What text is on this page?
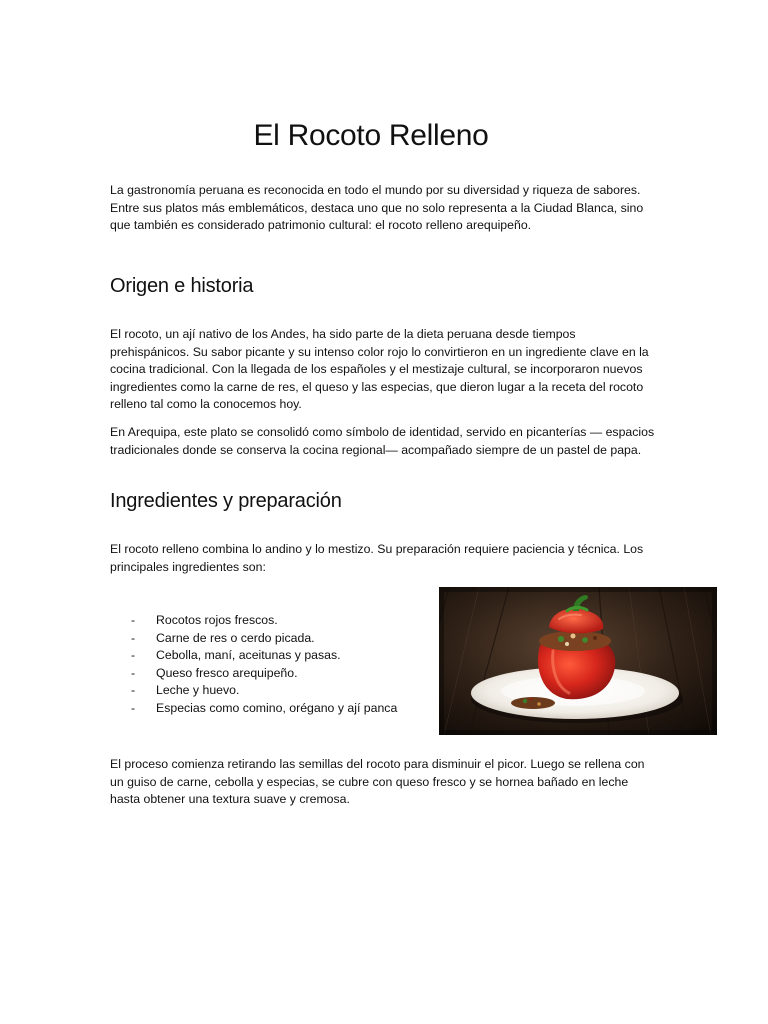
El Rocoto Relleno

La gastronomía peruana es reconocida en todo el mundo por su diversidad y riqueza de sabores. Entre sus platos más emblemáticos, destaca uno que no solo representa a la Ciudad Blanca, sino que también es considerado patrimonio cultural: el rocoto relleno arequipeño.

Origen e historia

El rocoto, un ají nativo de los Andes, ha sido parte de la dieta peruana desde tiempos prehispánicos. Su sabor picante y su intenso color rojo lo convirtieron en un ingrediente clave en la cocina tradicional. Con la llegada de los españoles y el mestizaje cultural, se incorporaron nuevos ingredientes como la carne de res, el queso y las especias, que dieron lugar a la receta del rocoto relleno tal como la conocemos hoy.

En Arequipa, este plato se consolidó como símbolo de identidad, servido en picanterías — espacios tradicionales donde se conserva la cocina regional— acompañado siempre de un pastel de papa.

Ingredientes y preparación

El rocoto relleno combina lo andino y lo mestizo. Su preparación requiere paciencia y técnica. Los principales ingredientes son:

- Rocotos rojos frescos.
- Carne de res o cerdo picada.
- Cebolla, maní, aceitunas y pasas.
- Queso fresco arequipeño.
- Leche y huevo.
- Especias como comino, orégano y ají panca

El proceso comienza retirando las semillas del rocoto para disminuir el picor. Luego se rellena con un guiso de carne, cebolla y especias, se cubre con queso fresco y se hornea bañado en leche hasta obtener una textura suave y cremosa.
